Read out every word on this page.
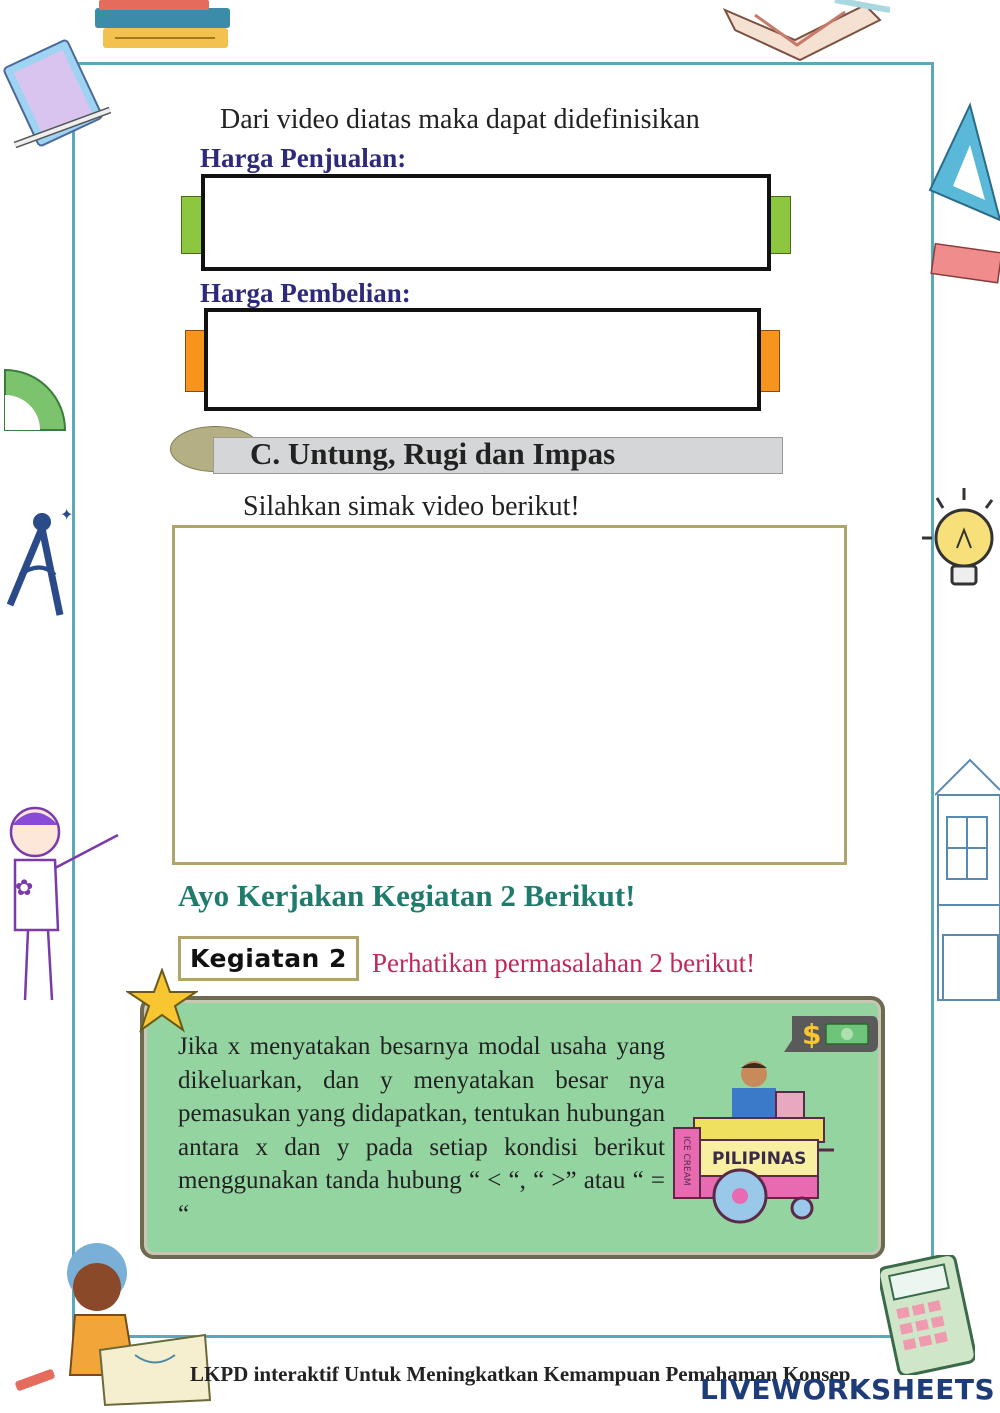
✦
✿
Dari video diatas maka dapat didefinisikan
Harga Penjualan:
Harga Pembelian:
C. Untung, Rugi dan Impas
Silahkan simak video berikut!
Ayo Kerjakan Kegiatan 2 Berikut!
Kegiatan 2 Perhatikan permasalahan 2 berikut!
Jika x menyatakan besarnya modal usaha yang dikeluarkan, dan y menyatakan besar nya pemasukan yang didapatkan, tentukan hubungan antara x dan y pada setiap kondisi berikut menggunakan tanda hubung “ < “, “ >” atau “ = “
$
PILIPINAS
ICE CREAM
LKPD interaktif Untuk Meningkatkan Kemampuan Pemahaman Konsep
LIVEWORKSHEETS
